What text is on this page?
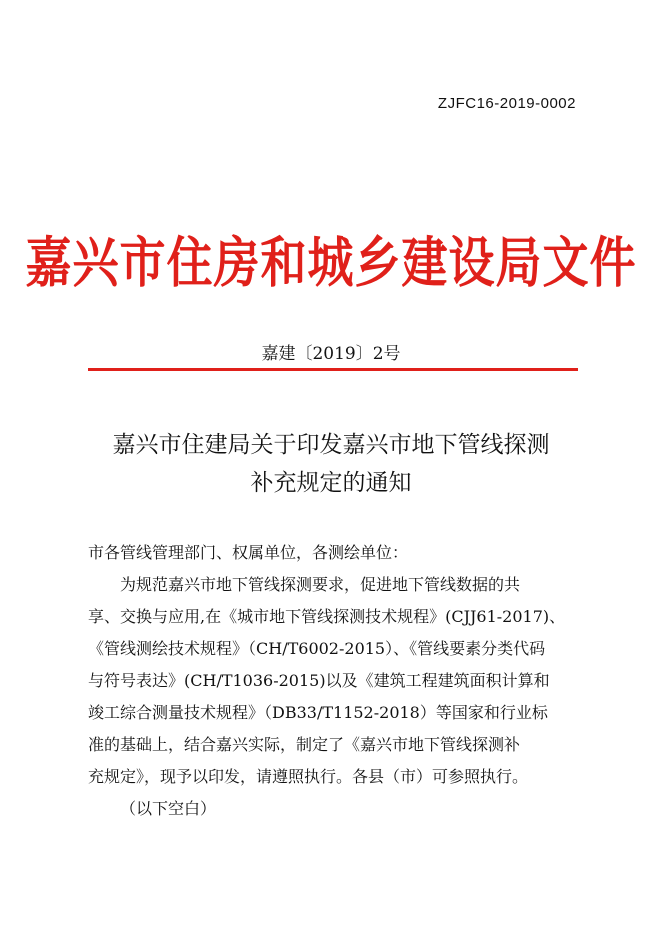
ZJFC16-2019-0002
嘉兴市住房和城乡建设局文件
嘉建〔2019〕2号
嘉兴市住建局关于印发嘉兴市地下管线探测
补充规定的通知

市各管线管理部门、权属单位，各测绘单位：

为规范嘉兴市地下管线探测要求，促进地下管线数据的共
享、交换与应用,在《城市地下管线探测技术规程》(CJJ61-2017)、
《管线测绘技术规程》（CH/T6002-2015）、《管线要素分类代码
与符号表达》(CH/T1036-2015)以及《建筑工程建筑面积计算和
竣工综合测量技术规程》（DB33/T1152-2018）等国家和行业标
准的基础上，结合嘉兴实际，制定了《嘉兴市地下管线探测补
充规定》，现予以印发，请遵照执行。各县（市）可参照执行。

（以下空白）
